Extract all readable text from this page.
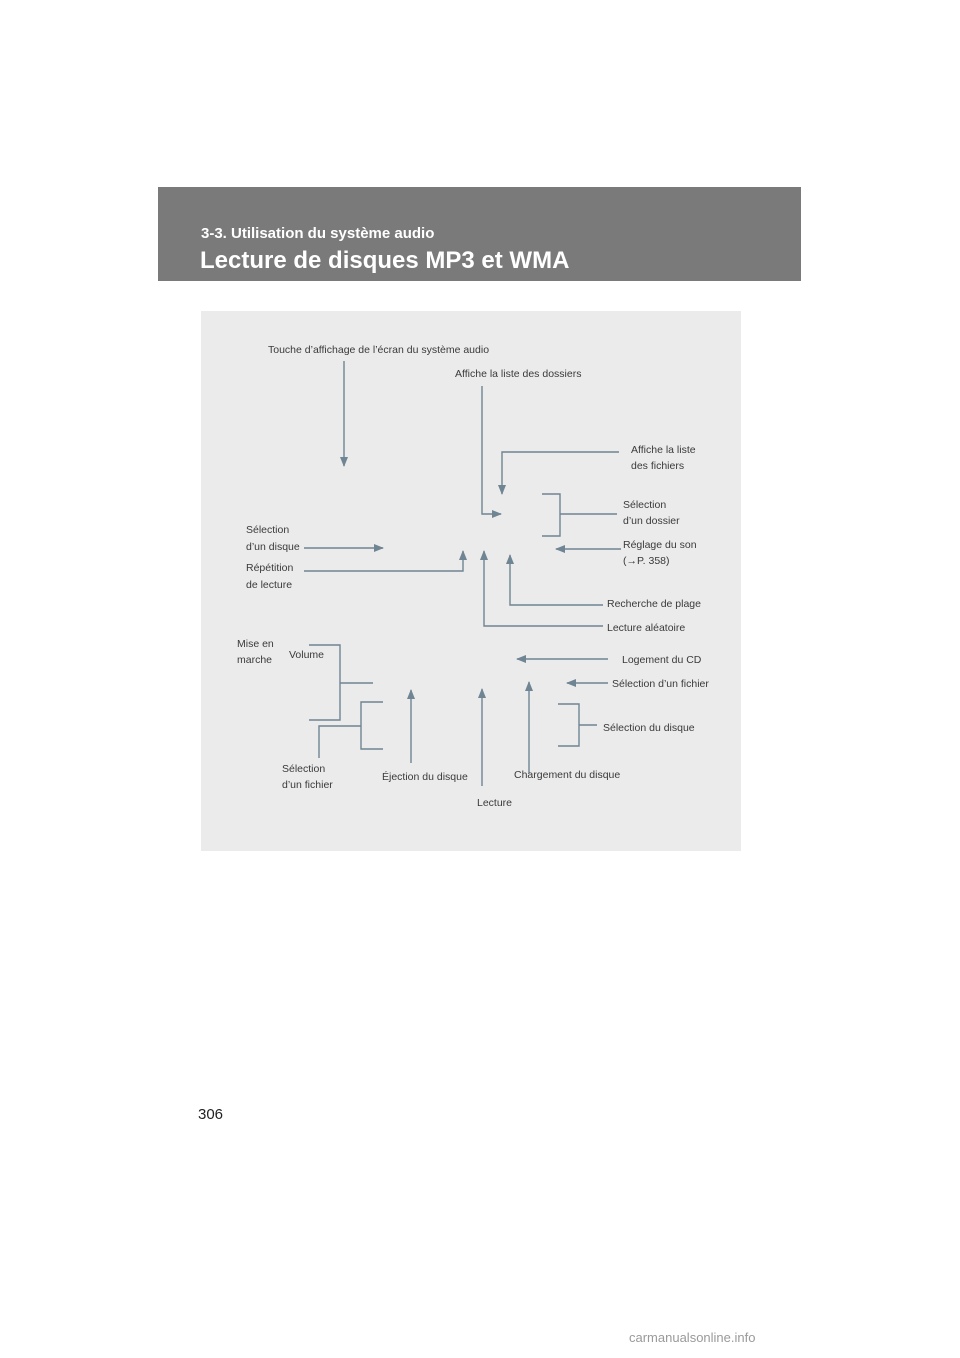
3-3. Utilisation du système audio
Lecture de disques MP3 et WMA
Touche d’affichage de l’écran du système audio
Affiche la liste des dossiers
Affiche la liste
des fichiers
Sélection
d’un dossier
Sélection
d’un disque	Réglage du son
(→P. 358)
Répétition
de lecture
Recherche de plage
Lecture aléatoire
Mise en
marche Volume	Logement du CD
Sélection d’un fichier
Sélection du disque
Sélection
d’un fichier
Éjection du disque	Chargement du disque
Lecture
306
carmanualsonline.info
